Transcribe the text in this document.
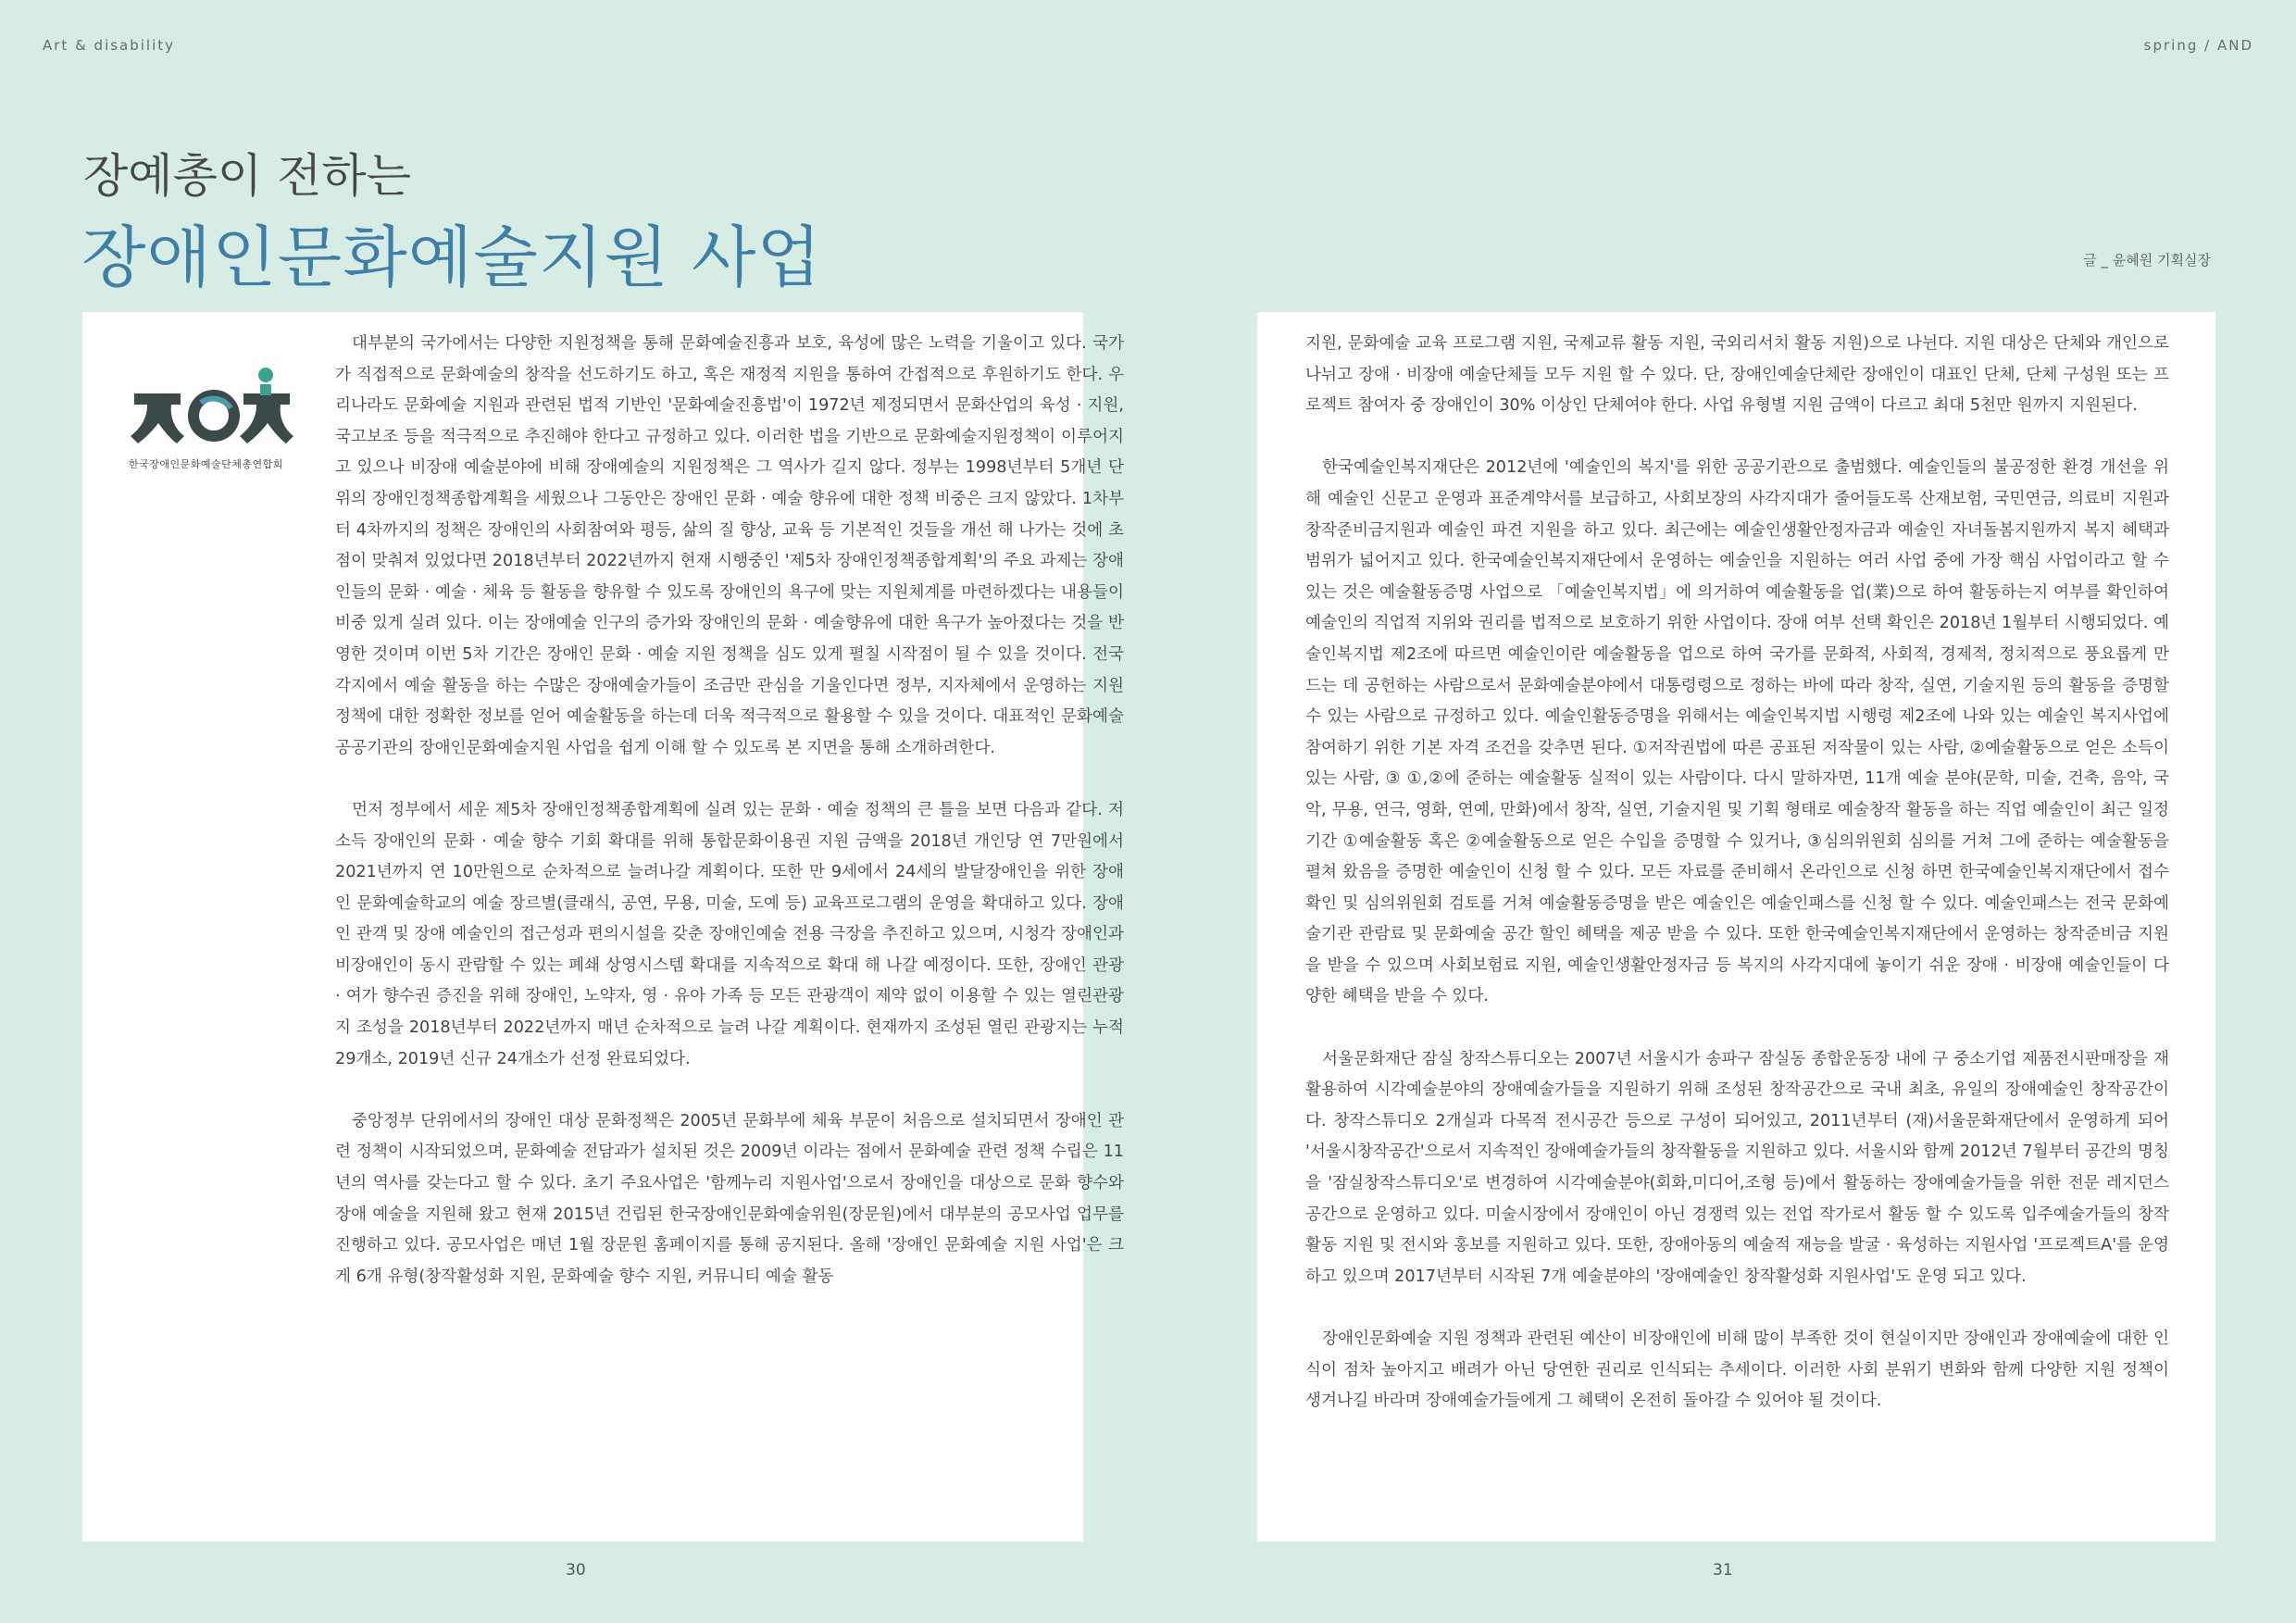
Art & disability	spring / AND
장예총이 전하는
장애인문화예술지원 사업	글 _ 윤혜원 기획실장
한국장애인문화예술단체총연합회

대부분의 국가에서는 다양한 지원정책을 통해 문화예술진흥과 보호, 육성에 많은 노력을 기울이고 있다. 국가가 직접적으로 문화예술의 창작을 선도하기도 하고, 혹은 재정적 지원을 통하여 간접적으로 후원하기도 한다. 우리나라도 문화예술 지원과 관련된 법적 기반인 '문화예술진흥법'이 1972년 제정되면서 문화산업의 육성 · 지원, 국고보조 등을 적극적으로 추진해야 한다고 규정하고 있다. 이러한 법을 기반으로 문화예술지원정책이 이루어지고 있으나 비장애 예술분야에 비해 장애예술의 지원정책은 그 역사가 길지 않다. 정부는 1998년부터 5개년 단위의 장애인정책종합계획을 세웠으나 그동안은 장애인 문화 · 예술 향유에 대한 정책 비중은 크지 않았다. 1차부터 4차까지의 정책은 장애인의 사회참여와 평등, 삶의 질 향상, 교육 등 기본적인 것들을 개선 해 나가는 것에 초점이 맞춰져 있었다면 2018년부터 2022년까지 현재 시행중인 '제5차 장애인정책종합계획'의 주요 과제는 장애인들의 문화 · 예술 · 체육 등 활동을 향유할 수 있도록 장애인의 욕구에 맞는 지원체계를 마련하겠다는 내용들이 비중 있게 실려 있다. 이는 장애예술 인구의 증가와 장애인의 문화 · 예술향유에 대한 욕구가 높아졌다는 것을 반영한 것이며 이번 5차 기간은 장애인 문화 · 예술 지원 정책을 심도 있게 펼칠 시작점이 될 수 있을 것이다. 전국 각지에서 예술 활동을 하는 수많은 장애예술가들이 조금만 관심을 기울인다면 정부, 지자체에서 운영하는 지원 정책에 대한 정확한 정보를 얻어 예술활동을 하는데 더욱 적극적으로 활용할 수 있을 것이다. 대표적인 문화예술 공공기관의 장애인문화예술지원 사업을 쉽게 이해 할 수 있도록 본 지면을 통해 소개하려한다.

먼저 정부에서 세운 제5차 장애인정책종합계획에 실려 있는 문화 · 예술 정책의 큰 틀을 보면 다음과 같다. 저소득 장애인의 문화 · 예술 향수 기회 확대를 위해 통합문화이용권 지원 금액을 2018년 개인당 연 7만원에서 2021년까지 연 10만원으로 순차적으로 늘려나갈 계획이다. 또한 만 9세에서 24세의 발달장애인을 위한 장애인 문화예술학교의 예술 장르별(클래식, 공연, 무용, 미술, 도예 등) 교육프로그램의 운영을 확대하고 있다. 장애인 관객 및 장애 예술인의 접근성과 편의시설을 갖춘 장애인예술 전용 극장을 추진하고 있으며, 시청각 장애인과 비장애인이 동시 관람할 수 있는 폐쇄 상영시스템 확대를 지속적으로 확대 해 나갈 예정이다. 또한, 장애인 관광 · 여가 향수권 증진을 위해 장애인, 노약자, 영 · 유아 가족 등 모든 관광객이 제약 없이 이용할 수 있는 열린관광지 조성을 2018년부터 2022년까지 매년 순차적으로 늘려 나갈 계획이다. 현재까지 조성된 열린 관광지는 누적 29개소, 2019년 신규 24개소가 선정 완료되었다.

중앙정부 단위에서의 장애인 대상 문화정책은 2005년 문화부에 체육 부문이 처음으로 설치되면서 장애인 관련 정책이 시작되었으며, 문화예술 전담과가 설치된 것은 2009년 이라는 점에서 문화예술 관련 정책 수립은 11년의 역사를 갖는다고 할 수 있다. 초기 주요사업은 '함께누리 지원사업'으로서 장애인을 대상으로 문화 향수와 장애 예술을 지원해 왔고 현재 2015년 건립된 한국장애인문화예술위원(장문원)에서 대부분의 공모사업 업무를 진행하고 있다. 공모사업은 매년 1월 장문원 홈페이지를 통해 공지된다. 올해 '장애인 문화예술 지원 사업'은 크게 6개 유형(창작활성화 지원, 문화예술 향수 지원, 커뮤니티 예술 활동

지원, 문화예술 교육 프로그램 지원, 국제교류 활동 지원, 국외리서치 활동 지원)으로 나뉜다. 지원 대상은 단체와 개인으로 나뉘고 장애 · 비장애 예술단체들 모두 지원 할 수 있다. 단, 장애인예술단체란 장애인이 대표인 단체, 단체 구성원 또는 프로젝트 참여자 중 장애인이 30% 이상인 단체여야 한다. 사업 유형별 지원 금액이 다르고 최대 5천만 원까지 지원된다.

한국예술인복지재단은 2012년에 '예술인의 복지'를 위한 공공기관으로 출범했다. 예술인들의 불공정한 환경 개선을 위해 예술인 신문고 운영과 표준계약서를 보급하고, 사회보장의 사각지대가 줄어들도록 산재보험, 국민연금, 의료비 지원과 창작준비금지원과 예술인 파견 지원을 하고 있다. 최근에는 예술인생활안정자금과 예술인 자녀돌봄지원까지 복지 혜택과 범위가 넓어지고 있다. 한국예술인복지재단에서 운영하는 예술인을 지원하는 여러 사업 중에 가장 핵심 사업이라고 할 수 있는 것은 예술활동증명 사업으로 「예술인복지법」에 의거하여 예술활동을 업(業)으로 하여 활동하는지 여부를 확인하여 예술인의 직업적 지위와 권리를 법적으로 보호하기 위한 사업이다. 장애 여부 선택 확인은 2018년 1월부터 시행되었다. 예술인복지법 제2조에 따르면 예술인이란 예술활동을 업으로 하여 국가를 문화적, 사회적, 경제적, 정치적으로 풍요롭게 만드는 데 공헌하는 사람으로서 문화예술분야에서 대통령령으로 정하는 바에 따라 창작, 실연, 기술지원 등의 활동을 증명할 수 있는 사람으로 규정하고 있다. 예술인활동증명을 위해서는 예술인복지법 시행령 제2조에 나와 있는 예술인 복지사업에 참여하기 위한 기본 자격 조건을 갖추면 된다. ①저작권법에 따른 공표된 저작물이 있는 사람, ②예술활동으로 얻은 소득이 있는 사람, ③ ①,②에 준하는 예술활동 실적이 있는 사람이다. 다시 말하자면, 11개 예술 분야(문학, 미술, 건축, 음악, 국악, 무용, 연극, 영화, 연예, 만화)에서 창작, 실연, 기술지원 및 기획 형태로 예술창작 활동을 하는 직업 예술인이 최근 일정기간 ①예술활동 혹은 ②예술활동으로 얻은 수입을 증명할 수 있거나, ③심의위원회 심의를 거쳐 그에 준하는 예술활동을 펼쳐 왔음을 증명한 예술인이 신청 할 수 있다. 모든 자료를 준비해서 온라인으로 신청 하면 한국예술인복지재단에서 접수 확인 및 심의위원회 검토를 거쳐 예술활동증명을 받은 예술인은 예술인패스를 신청 할 수 있다. 예술인패스는 전국 문화예술기관 관람료 및 문화예술 공간 할인 혜택을 제공 받을 수 있다. 또한 한국예술인복지재단에서 운영하는 창작준비금 지원을 받을 수 있으며 사회보험료 지원, 예술인생활안정자금 등 복지의 사각지대에 놓이기 쉬운 장애 · 비장애 예술인들이 다양한 혜택을 받을 수 있다.

서울문화재단 잠실 창작스튜디오는 2007년 서울시가 송파구 잠실동 종합운동장 내에 구 중소기업 제품전시판매장을 재활용하여 시각예술분야의 장애예술가들을 지원하기 위해 조성된 창작공간으로 국내 최초, 유일의 장애예술인 창작공간이다. 창작스튜디오 2개실과 다목적 전시공간 등으로 구성이 되어있고, 2011년부터 (재)서울문화재단에서 운영하게 되어 '서울시창작공간'으로서 지속적인 장애예술가들의 창작활동을 지원하고 있다. 서울시와 함께 2012년 7월부터 공간의 명칭을 '잠실창작스튜디오'로 변경하여 시각예술분야(회화,미디어,조형 등)에서 활동하는 장애예술가들을 위한 전문 레지던스 공간으로 운영하고 있다. 미술시장에서 장애인이 아닌 경쟁력 있는 전업 작가로서 활동 할 수 있도록 입주예술가들의 창작활동 지원 및 전시와 홍보를 지원하고 있다. 또한, 장애아동의 예술적 재능을 발굴 · 육성하는 지원사업 '프로젝트A'를 운영하고 있으며 2017년부터 시작된 7개 예술분야의 '장애예술인 창작활성화 지원사업'도 운영 되고 있다.

장애인문화예술 지원 정책과 관련된 예산이 비장애인에 비해 많이 부족한 것이 현실이지만 장애인과 장애예술에 대한 인식이 점차 높아지고 배려가 아닌 당연한 권리로 인식되는 추세이다. 이러한 사회 분위기 변화와 함께 다양한 지원 정책이 생겨나길 바라며 장애예술가들에게 그 혜택이 온전히 돌아갈 수 있어야 될 것이다.

30	31
